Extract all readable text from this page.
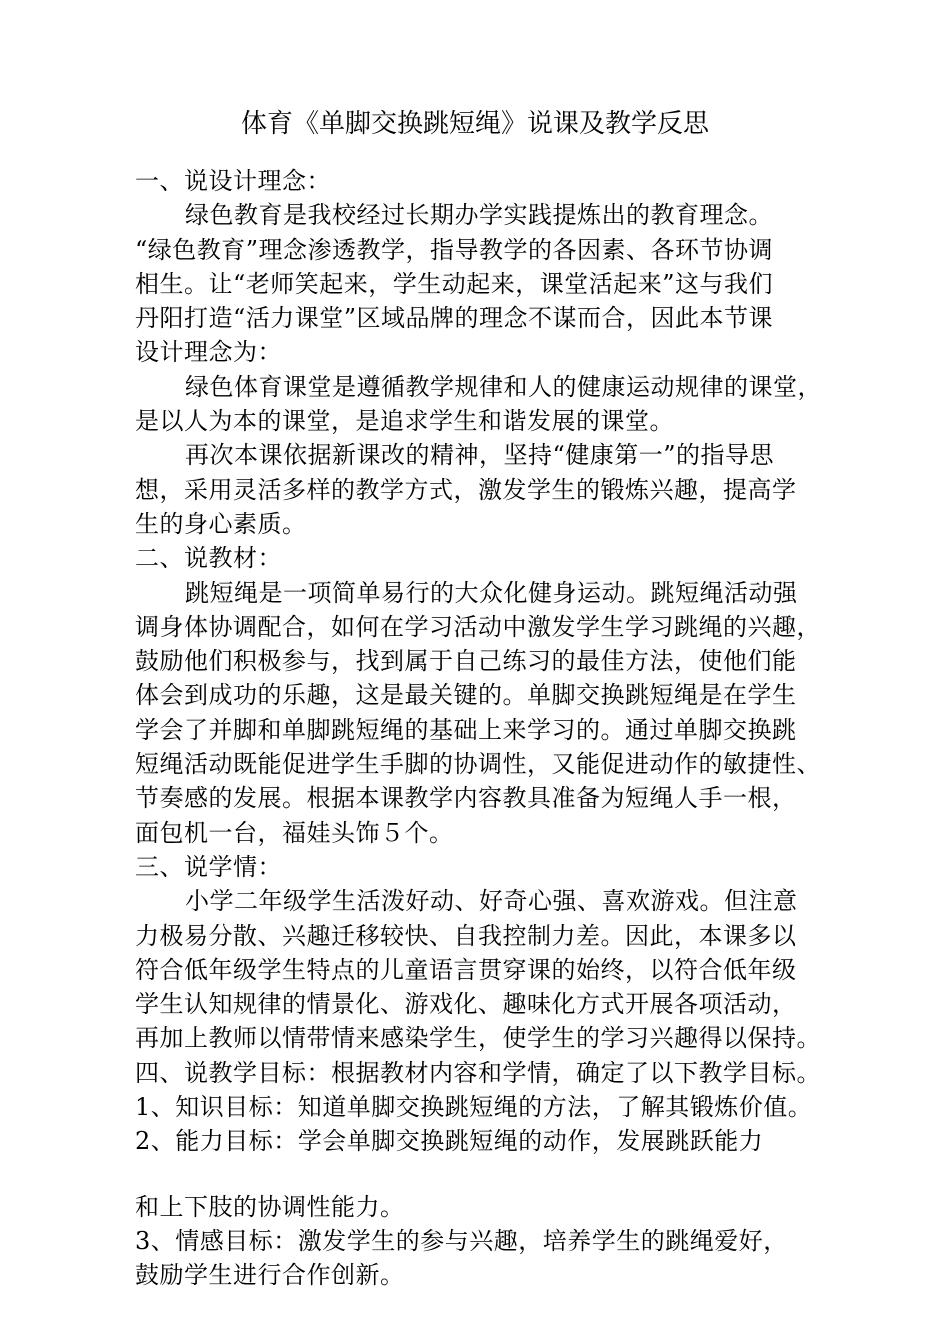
体育《单脚交换跳短绳》说课及教学反思
一、说设计理念：
绿色教育是我校经过长期办学实践提炼出的教育理念。
“绿色教育”理念渗透教学，指导教学的各因素、各环节协调
相生。让“老师笑起来，学生动起来，课堂活起来”这与我们
丹阳打造“活力课堂”区域品牌的理念不谋而合，因此本节课
设计理念为：
绿色体育课堂是遵循教学规律和人的健康运动规律的课堂，
是以人为本的课堂，是追求学生和谐发展的课堂。
再次本课依据新课改的精神，坚持“健康第一”的指导思
想，采用灵活多样的教学方式，激发学生的锻炼兴趣，提高学
生的身心素质。
二、说教材：
跳短绳是一项简单易行的大众化健身运动。跳短绳活动强
调身体协调配合，如何在学习活动中激发学生学习跳绳的兴趣，
鼓励他们积极参与，找到属于自己练习的最佳方法，使他们能
体会到成功的乐趣，这是最关键的。单脚交换跳短绳是在学生
学会了并脚和单脚跳短绳的基础上来学习的。通过单脚交换跳
短绳活动既能促进学生手脚的协调性，又能促进动作的敏捷性、
节奏感的发展。根据本课教学内容教具准备为短绳人手一根，
面包机一台，福娃头饰５个。
三、说学情：
小学二年级学生活泼好动、好奇心强、喜欢游戏。但注意
力极易分散、兴趣迁移较快、自我控制力差。因此，本课多以
符合低年级学生特点的儿童语言贯穿课的始终，以符合低年级
学生认知规律的情景化、游戏化、趣味化方式开展各项活动，
再加上教师以情带情来感染学生，使学生的学习兴趣得以保持。
四、说教学目标：根据教材内容和学情，确定了以下教学目标。
1、知识目标：知道单脚交换跳短绳的方法，了解其锻炼价值。
2、能力目标：学会单脚交换跳短绳的动作，发展跳跃能力
和上下肢的协调性能力。
3、情感目标：激发学生的参与兴趣，培养学生的跳绳爱好，
鼓励学生进行合作创新。
